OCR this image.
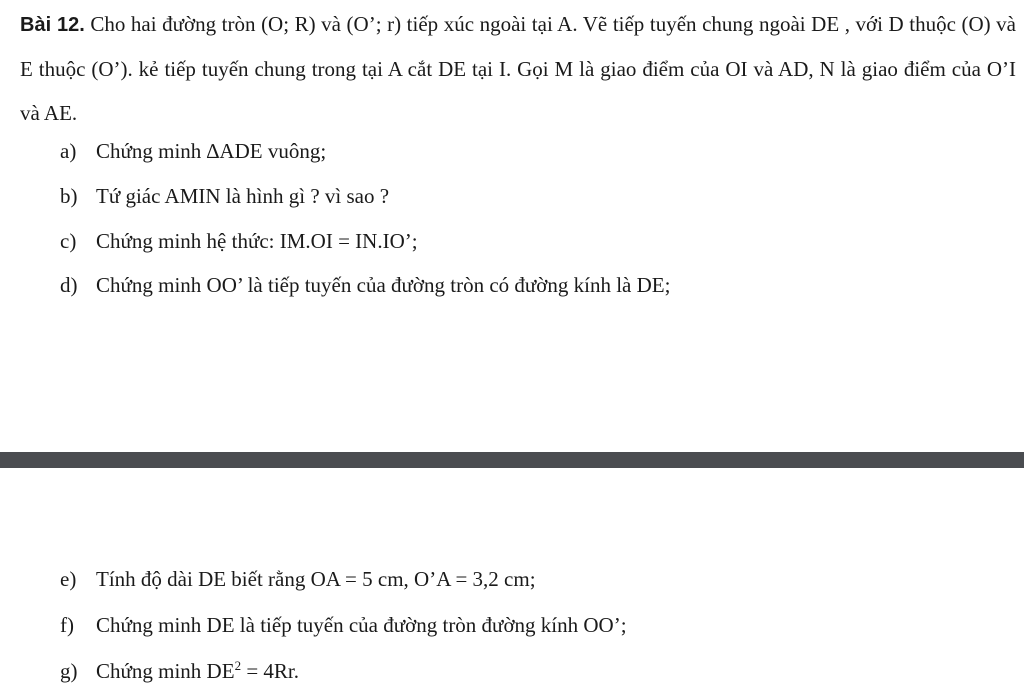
Bài 12. Cho hai đường tròn (O; R) và (O’; r) tiếp xúc ngoài tại A. Vẽ tiếp tuyến chung ngoài DE , với D thuộc (O) và E thuộc (O’). kẻ tiếp tuyến chung trong tại A cắt DE tại I. Gọi M là giao điểm của OI và AD, N là giao điểm của O’I và AE.

a) Chứng minh ∆ADE vuông;

b) Tứ giác AMIN là hình gì ? vì sao ?

c) Chứng minh hệ thức: IM.OI = IN.IO’;

d) Chứng minh OO’ là tiếp tuyến của đường tròn có đường kính là DE;

e) Tính độ dài DE biết rằng OA = 5 cm, O’A = 3,2 cm;

f) Chứng minh DE là tiếp tuyến của đường tròn đường kính OO’;

g) Chứng minh $DE^2 = 4Rr$.
